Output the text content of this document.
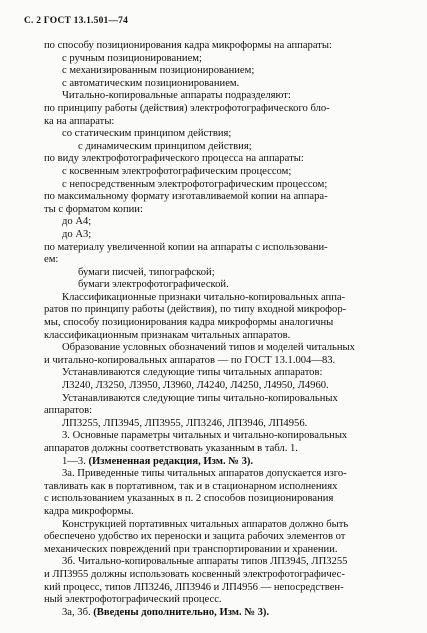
С. 2 ГОСТ 13.1.501—74
по способу позиционирования кадра микроформы на аппараты:
с ручным позиционированием;
с механизированным позиционированием;
с автоматическим позиционированием.
Читально-копировальные аппараты подразделяют:
по принципу работы (действия) электрофотографического бло-
ка на аппараты:
со статическим принципом действия;
с динамическим принципом действия;
по виду электрофотографического процесса на аппараты:
с косвенным электрофотографическим процессом;
с непосредственным электрофотографическим процессом;
по максимальному формату изготавливаемой копии на аппара-
ты с форматом копии:
до А4;
до А3;
по материалу увеличенной копии на аппараты с использовани-
ем:
бумаги писчей, типографской;
бумаги электрофотографической.
Классификационные признаки читально-копировальных аппа-
ратов по принципу работы (действия), по типу входной микрофор-
мы, способу позиционирования кадра микроформы аналогичны
классификационным признакам читальных аппаратов.
Образование условных обозначений типов и моделей читальных
и читально-копировальных аппаратов — по ГОСТ 13.1.004—83.
Устанавливаются следующие типы читальных аппаратов:
Л3240, Л3250, Л3950, Л3960, Л4240, Л4250, Л4950, Л4960.
Устанавливаются следующие типы читально-копировальных
аппаратов:
ЛП3255, ЛП3945, ЛП3955, ЛП3246, ЛП3946, ЛП4956.
3. Основные параметры читальных и читально-копировальных
аппаратов должны соответствовать указанным в табл. 1.
1—3. (Измененная редакция, Изм. № 3).
3а. Приведенные типы читальных аппаратов допускается изго-
тавливать как в портативном, так и в стационарном исполнениях
с использованием указанных в п. 2 способов позиционирования
кадра микроформы.
Конструкцией портативных читальных аппаратов должно быть
обеспечено удобство их переноски и защита рабочих элементов от
механических повреждений при транспортировании и хранении.
3б. Читально-копировальные аппараты типов ЛП3945, ЛП3255
и ЛП3955 должны использовать косвенный электрофотографичес-
кий процесс, типов ЛП3246, ЛП3946 и ЛП4956 — непосредствен-
ный электрофотографический процесс.
3а, 3б. (Введены дополнительно, Изм. № 3).
